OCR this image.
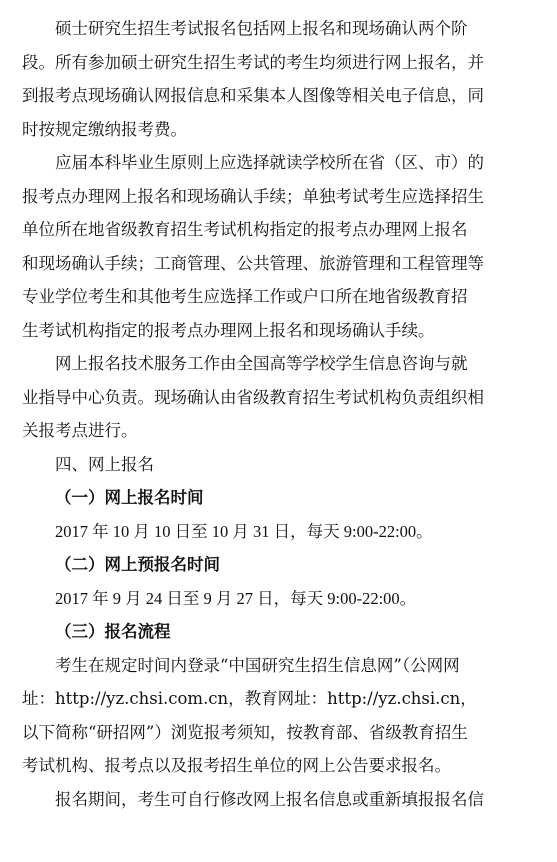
硕士研究生招生考试报名包括网上报名和现场确认两个阶
段。所有参加硕士研究生招生考试的考生均须进行网上报名，并
到报考点现场确认网报信息和采集本人图像等相关电子信息，同
时按规定缴纳报考费。

应届本科毕业生原则上应选择就读学校所在省（区、市）的
报考点办理网上报名和现场确认手续；单独考试考生应选择招生
单位所在地省级教育招生考试机构指定的报考点办理网上报名
和现场确认手续；工商管理、公共管理、旅游管理和工程管理等
专业学位考生和其他考生应选择工作或户口所在地省级教育招
生考试机构指定的报考点办理网上报名和现场确认手续。

网上报名技术服务工作由全国高等学校学生信息咨询与就
业指导中心负责。现场确认由省级教育招生考试机构负责组织相
关报考点进行。

四、网上报名

（一）网上报名时间

2017 年 10 月 10 日至 10 月 31 日，每天 9:00-22:00。

（二）网上预报名时间

2017 年 9 月 24 日至 9 月 27 日，每天 9:00-22:00。

（三）报名流程

考生在规定时间内登录“中国研究生招生信息网”（公网网
址：http://yz.chsi.com.cn，教育网址：http://yz.chsi.cn，
以下简称“研招网”）浏览报考须知，按教育部、省级教育招生
考试机构、报考点以及报考招生单位的网上公告要求报名。

报名期间，考生可自行修改网上报名信息或重新填报报名信
